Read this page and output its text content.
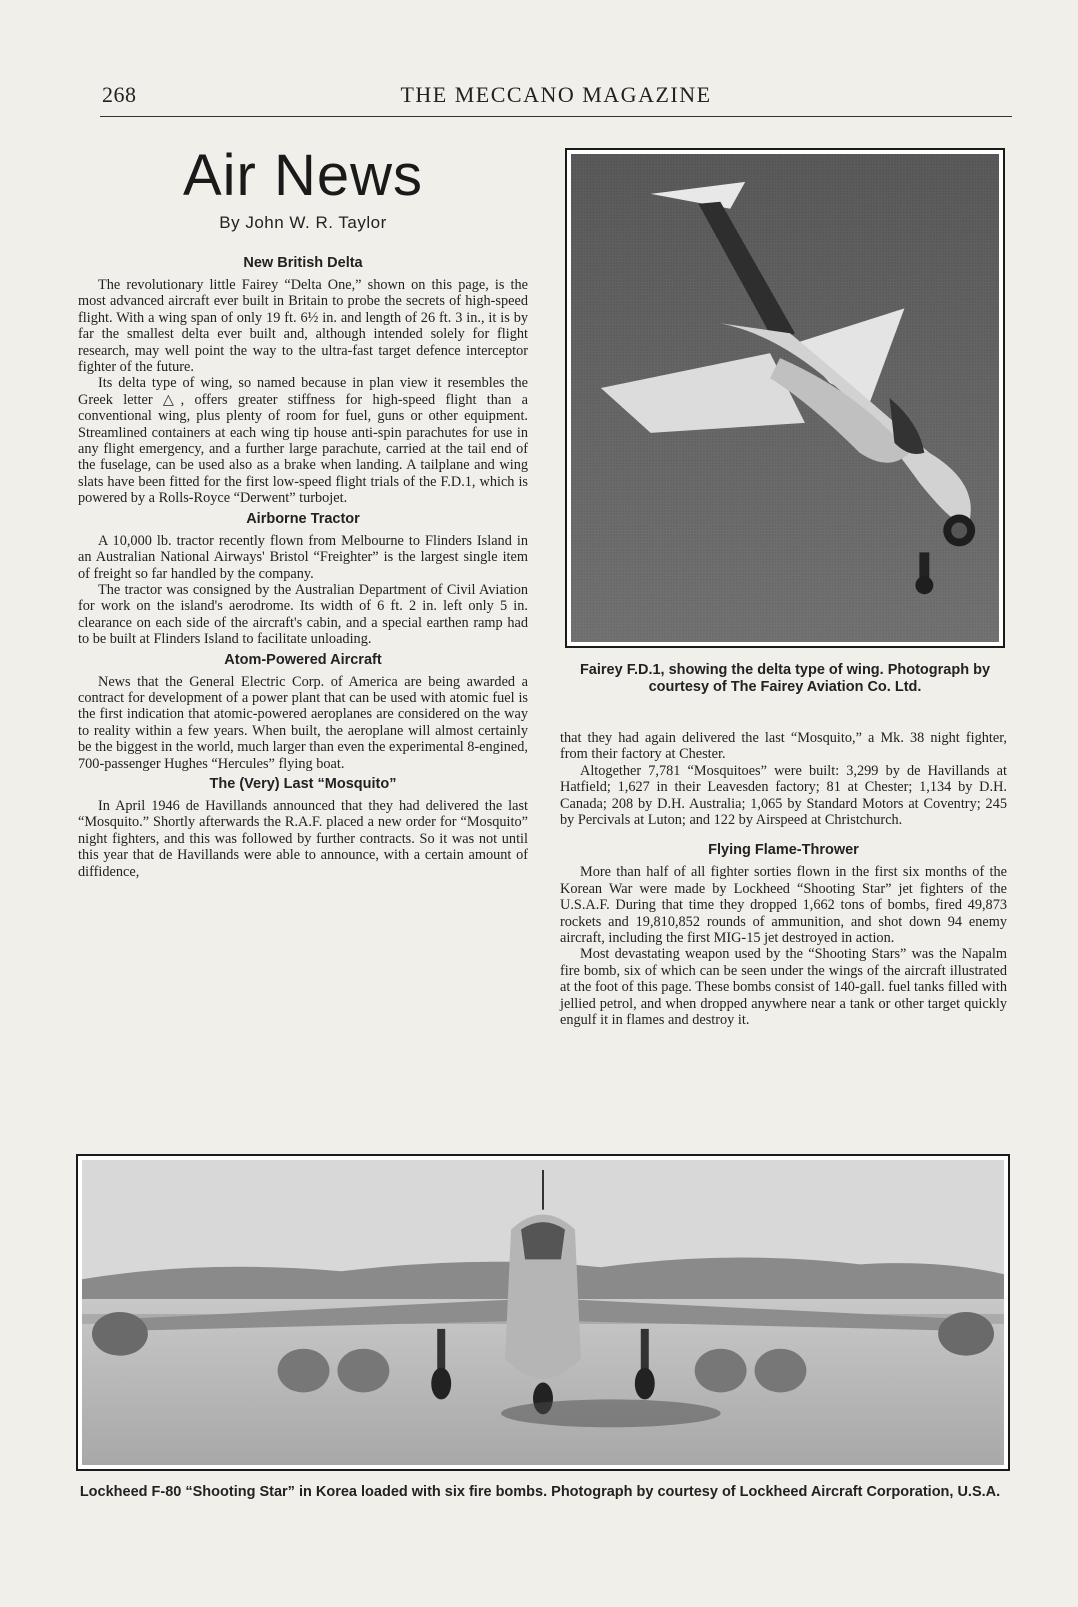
268	THE MECCANO MAGAZINE
Air News
By John W. R. Taylor
New British Delta

The revolutionary little Fairey “Delta One,” shown on this page, is the most advanced aircraft ever built in Britain to probe the secrets of high-speed flight. With a wing span of only 19 ft. 6½ in. and length of 26 ft. 3 in., it is by far the smallest delta ever built and, although intended solely for flight research, may well point the way to the ultra-fast target defence interceptor fighter of the future.

Its delta type of wing, so named because in plan view it resembles the Greek letter △, offers greater stiffness for high-speed flight than a conventional wing, plus plenty of room for fuel, guns or other equipment. Streamlined containers at each wing tip house anti-spin parachutes for use in any flight emergency, and a further large parachute, carried at the tail end of the fuselage, can be used also as a brake when landing. A tailplane and wing slats have been fitted for the first low-speed flight trials of the F.D.1, which is powered by a Rolls-Royce “Derwent” turbojet.

Airborne Tractor

A 10,000 lb. tractor recently flown from Melbourne to Flinders Island in an Australian National Airways' Bristol “Freighter” is the largest single item of freight so far handled by the company.

The tractor was consigned by the Australian Department of Civil Aviation for work on the island's aerodrome. Its width of 6 ft. 2 in. left only 5 in. clearance on each side of the aircraft's cabin, and a special earthen ramp had to be built at Flinders Island to facilitate unloading.

Atom-Powered Aircraft

News that the General Electric Corp. of America are being awarded a contract for development of a power plant that can be used with atomic fuel is the first indication that atomic-powered aeroplanes are considered on the way to reality within a few years. When built, the aeroplane will almost certainly be the biggest in the world, much larger than even the experimental 8-engined, 700-passenger Hughes “Hercules” flying boat.

The (Very) Last “Mosquito”

In April 1946 de Havillands announced that they had delivered the last “Mosquito.” Shortly afterwards the R.A.F. placed a new order for “Mosquito” night fighters, and this was followed by further contracts. So it was not until this year that de Havillands were able to announce, with a certain amount of diffidence,

Fairey F.D.1, showing the delta type of wing. Photograph by courtesy of The Fairey Aviation Co. Ltd.

that they had again delivered the last “Mosquito,” a Mk. 38 night fighter, from their factory at Chester.

Altogether 7,781 “Mosquitoes” were built: 3,299 by de Havillands at Hatfield; 1,627 in their Leavesden factory; 81 at Chester; 1,134 by D.H. Canada; 208 by D.H. Australia; 1,065 by Standard Motors at Coventry; 245 by Percivals at Luton; and 122 by Airspeed at Christchurch.

Flying Flame-Thrower

More than half of all fighter sorties flown in the first six months of the Korean War were made by Lockheed “Shooting Star” jet fighters of the U.S.A.F. During that time they dropped 1,662 tons of bombs, fired 49,873 rockets and 19,810,852 rounds of ammunition, and shot down 94 enemy aircraft, including the first MIG-15 jet destroyed in action.

Most devastating weapon used by the “Shooting Stars” was the Napalm fire bomb, six of which can be seen under the wings of the aircraft illustrated at the foot of this page. These bombs consist of 140-gall. fuel tanks filled with jellied petrol, and when dropped anywhere near a tank or other target quickly engulf it in flames and destroy it.

Lockheed F-80 “Shooting Star” in Korea loaded with six fire bombs. Photograph by courtesy of Lockheed Aircraft Corporation, U.S.A.
